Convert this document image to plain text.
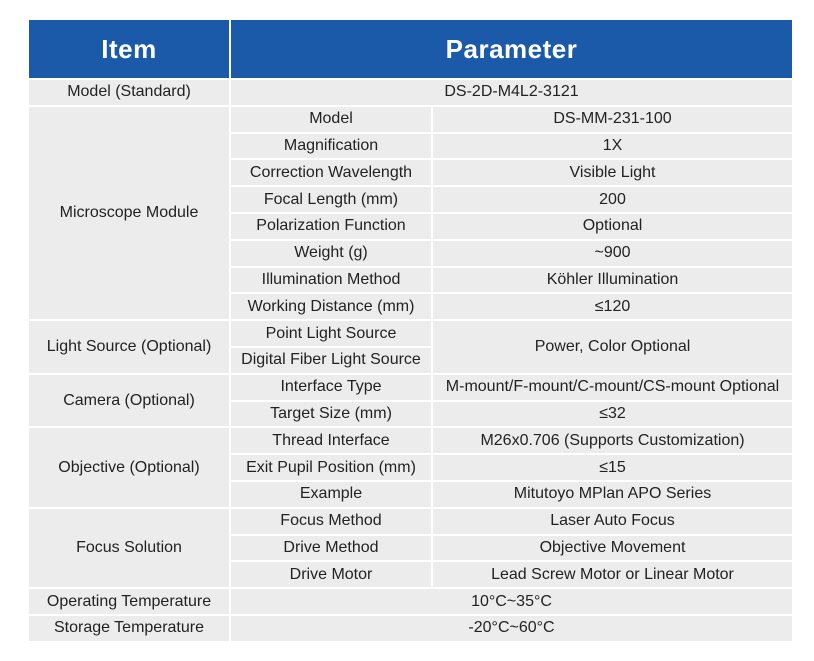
Item	Parameter	
Model (Standard)	DS-2D-M4L2-3121	
Microscope Module	Model	DS-MM-231-100
	Magnification	1X
	Correction Wavelength	Visible Light
	Focal Length (mm)	200
	Polarization Function	Optional
	Weight (g)	~900
	Illumination Method	Köhler Illumination
	Working Distance (mm)	≤120
Light Source (Optional)	Point Light Source	Power, Color Optional
	Digital Fiber Light Source	
Camera (Optional)	Interface Type	M-mount/F-mount/C-mount/CS-mount Optional
	Target Size (mm)	≤32
Objective (Optional)	Thread Interface	M26x0.706 (Supports Customization)
	Exit Pupil Position (mm)	≤15
	Example	Mitutoyo MPlan APO Series
Focus Solution	Focus Method	Laser Auto Focus
	Drive Method	Objective Movement
	Drive Motor	Lead Screw Motor or Linear Motor
Operating Temperature	10°C~35°C	
Storage Temperature	-20°C~60°C	
